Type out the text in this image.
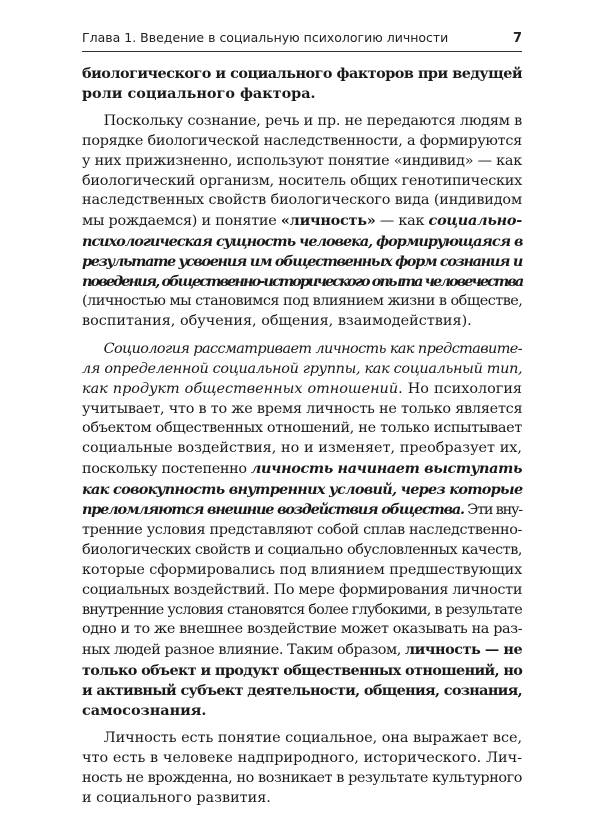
Глава 1. Введение в социальную психологию личности	7

биологического и социального факторов при ведущей
роли социального фактора.

Поскольку сознание, речь и пр. не передаются людям в
порядке биологической наследственности, а формируются
у них прижизненно, используют понятие «индивид» — как
биологический организм, носитель общих генотипических
наследственных свойств биологического вида (индивидом
мы рождаемся) и понятие «личность» — как социально-
психологическая сущность человека, формирующаяся в
результате усвоения им общественных форм сознания и
поведения, общественно-исторического опыта человечества
(личностью мы становимся под влиянием жизни в обществе,
воспитания, обучения, общения, взаимодействия).

Социология рассматривает личность как представите-
ля определенной социальной группы, как социальный тип,
как продукт общественных отношений. Но психология
учитывает, что в то же время личность не только является
объектом общественных отношений, не только испытывает
социальные воздействия, но и изменяет, преобразует их,
поскольку постепенно личность начинает выступать
как совокупность внутренних условий, через которые
преломляются внешние воздействия общества. Эти вну-
тренние условия представляют собой сплав наследственно-
биологических свойств и социально обусловленных качеств,
которые сформировались под влиянием предшествующих
социальных воздействий. По мере формирования личности
внутренние условия становятся более глубокими, в результате
одно и то же внешнее воздействие может оказывать на раз-
ных людей разное влияние. Таким образом, личность — не
только объект и продукт общественных отношений, но
и активный субъект деятельности, общения, сознания,
самосознания.

Личность есть понятие социальное, она выражает все,
что есть в человеке надприродного, исторического. Лич-
ность не врожденна, но возникает в результате культурного
и социального развития.
